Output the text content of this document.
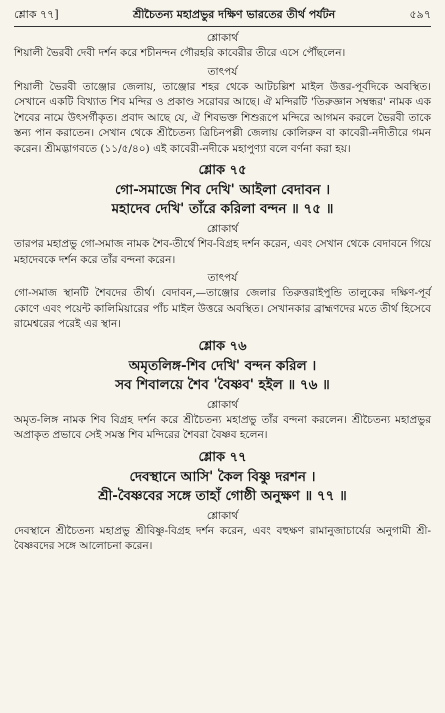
শ্লোক ৭৭]	শ্রীচৈতন্য মহাপ্রভুর দক্ষিণ ভারতের তীর্থ পর্যটন	৫৯৭
শ্লোকার্থ

শিয়ালী ভৈরবী দেবী দর্শন করে শচীনন্দন গৌরহরি কাবেরীর তীরে এসে পৌঁছলেন।

তাৎপর্য

শিয়ালী ভৈরবী তাঞ্জোর জেলায়, তাঞ্জোর শহর থেকে আটচল্লিশ মাইল উত্তর-পূর্বদিকে অবস্থিত। সেখানে একটি বিখ্যাত শিব মন্দির ও প্রকাণ্ড সরোবর আছে। ঐ মন্দিরটি 'তিরুজ্ঞান সম্বন্ধর' নামক এক শৈবের নামে উৎসর্গীকৃত। প্রবাদ আছে যে, ঐ শিবভক্ত শিশুরূপে মন্দিরে আগমন করলে ভৈরবী তাকে স্তন্য পান করাতেন। সেখান থেকে শ্রীচৈতন্য ত্রিচিনপল্লী জেলায় কোলিরুন বা কাবেরী-নদীতীরে গমন করেন। শ্রীমদ্ভাগবতে (১১/৫/৪০) এই কাবেরী-নদীকে মহাপুণ্যা বলে বর্ণনা করা হয়।

শ্লোক ৭৫

গো-সমাজে শিব দেখি' আইলা বেদাবন ।

মহাদেব দেখি' তাঁরে করিলা বন্দন ॥ ৭৫ ॥

শ্লোকার্থ

তারপর মহাপ্রভু গো-সমাজ নামক শৈব-তীর্থে শিব-বিগ্রহ দর্শন করেন, এবং সেখান থেকে বেদাবনে গিয়ে মহাদেবকে দর্শন করে তাঁর বন্দনা করেন।

তাৎপর্য

গো-সমাজ স্থানটি শৈবদের তীর্থ। বেদাবন,—তাঞ্জোর জেলার তিরুত্তরাইপুন্ডি তালুকের দক্ষিণ-পূর্ব কোণে এবং পয়েন্ট কালিমিয়ারের পাঁচ মাইল উত্তরে অবস্থিত। সেখানকার ব্রাহ্মণদের মতে তীর্থ হিসেবে রামেশ্বরের পরেই এর স্থান।

শ্লোক ৭৬

অমৃতলিঙ্গ-শিব দেখি' বন্দন করিল ।

সব শিবালয়ে শৈব 'বৈষ্ণব' হইল ॥ ৭৬ ॥

শ্লোকার্থ

অমৃত-লিঙ্গ নামক শিব বিগ্রহ দর্শন করে শ্রীচৈতন্য মহাপ্রভু তাঁর বন্দনা করলেন। শ্রীচৈতন্য মহাপ্রভুর অপ্রাকৃত প্রভাবে সেই সমস্ত শিব মন্দিরের শৈবরা বৈষ্ণব হলেন।

শ্লোক ৭৭

দেবস্থানে আসি' কৈল বিষ্ণু দরশন ।

শ্রী-বৈষ্ণবের সঙ্গে তাহাঁ গোষ্ঠী অনুক্ষণ ॥ ৭৭ ॥

শ্লোকার্থ

দেবস্থানে শ্রীচৈতন্য মহাপ্রভু শ্রীবিষ্ণু-বিগ্রহ দর্শন করেন, এবং বহুক্ষণ রামানুজাচার্যের অনুগামী শ্রী-বৈষ্ণবদের সঙ্গে আলোচনা করেন।
